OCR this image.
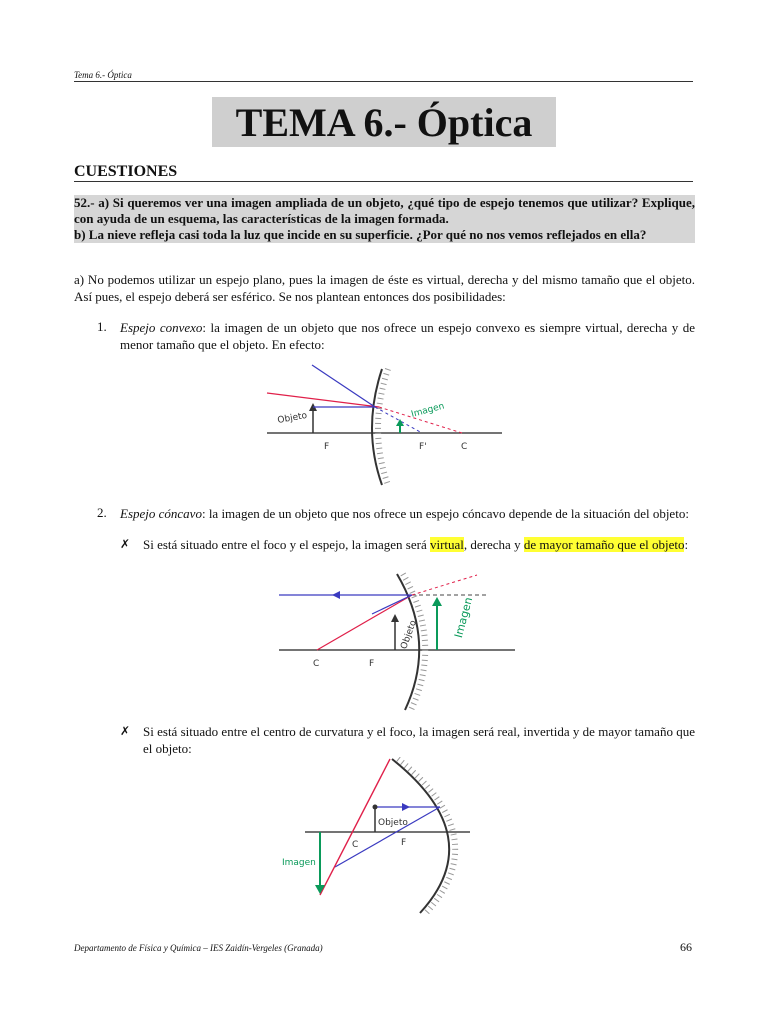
Tema 6.- Óptica
TEMA 6.- Óptica
CUESTIONES

52.- a) Si queremos ver una imagen ampliada de un objeto, ¿qué tipo de espejo tenemos que utilizar? Explique, con ayuda de un esquema, las características de la imagen formada.

b) La nieve refleja casi toda la luz que incide en su superficie. ¿Por qué no nos vemos reflejados en ella?

a) No podemos utilizar un espejo plano, pues la imagen de éste es virtual, derecha y del mismo tamaño que el objeto. Así pues, el espejo deberá ser esférico. Se nos plantean entonces dos posibilidades:
1. Espejo convexo: la imagen de un objeto que nos ofrece un espejo convexo es siempre virtual, derecha y de menor tamaño que el objeto. En efecto:
Objeto	Imagen
F	F'	C
2. Espejo cóncavo: la imagen de un objeto que nos ofrece un espejo cóncavo depende de la situación del objeto:
✗ Si está situado entre el foco y el espejo, la imagen será virtual, derecha y de mayor tamaño que el objeto:
Objeto	Imagen
C	F
✗ Si está situado entre el centro de curvatura y el foco, la imagen será real, invertida y de mayor tamaño que el objeto:
Objeto
Imagen
C	F
Departamento de Física y Química – IES Zaidín-Vergeles (Granada)	66
